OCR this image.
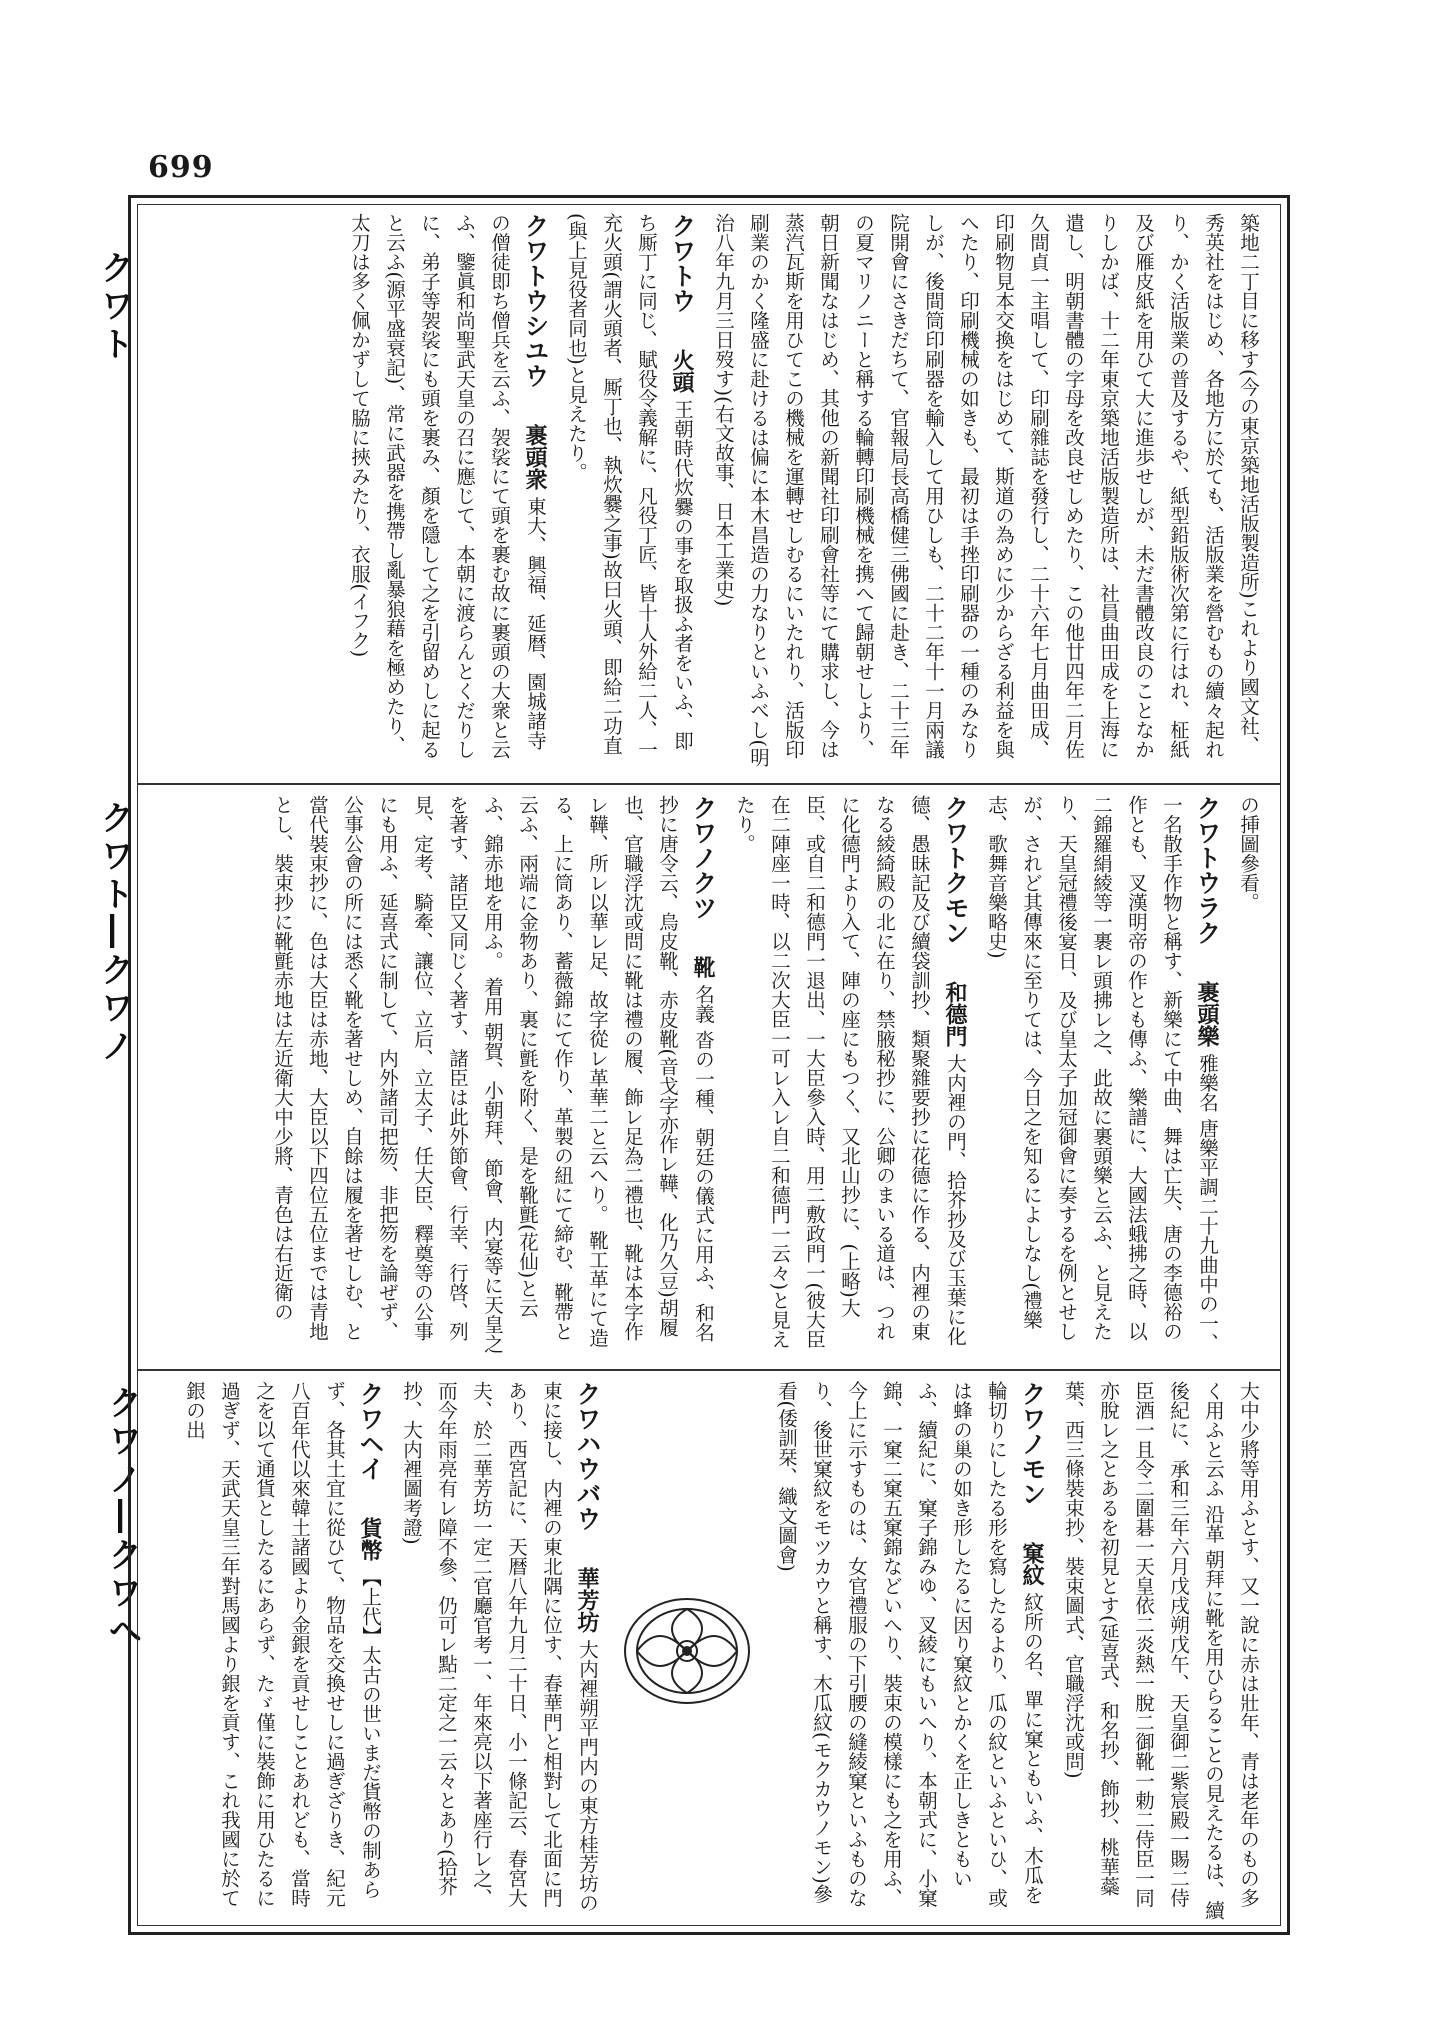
699
クワト
クワト―クワノ
クワノ―クワへ
築地二丁目に移す(今の東京築地活版製造所)これより國文社、秀英社をはじめ、各地方に於ても、活版業を營むもの續々起れり、かく活版業の普及するや、紙型鉛版術次第に行はれ、柾紙及び雁皮紙を用ひて大に進歩せしが、未だ書體改良のことなかりしかば、十二年東京築地活版製造所は、社員曲田成を上海に遣し、明朝書體の字母を改良せしめたり、この他廿四年二月佐久間貞一主唱して、印刷雜誌を發行し、二十六年七月曲田成、印刷物見本交換をはじめて、斯道の為めに少からざる利益を與へたり、印刷機械の如きも、最初は手挫印刷器の一種のみなりしが、後間筒印刷器を輸入して用ひしも、二十二年十一月兩議院開會にさきだちて、官報局長高橋健三佛國に赴き、二十三年の夏マリノニーと稱する輪轉印刷機械を携へて歸朝せしより、朝日新聞なはじめ、其他の新聞社印刷會社等にて購求し、今は蒸汽瓦斯を用ひてこの機械を運轉せしむるにいたれり、活版印刷業のかく隆盛に赴けるは偏に本木昌造の力なりといふべし(明治八年九月三日歿す)(右文故事、日本工業史)
クワトウ 火頭 王朝時代炊爨の事を取扱ふ者をいふ、即ち厮丁に同じ、賦役令義解に、凡役丁匠、皆十人外給二人、一充火頭(謂火頭者、厮丁也、執炊爨之事)故曰火頭、即給二功直(與上見役者同也)と見えたり。
クワトウシユウ 裹頭衆 東大、興福、延暦、園城諸寺の僧徒即ち僧兵を云ふ、袈裟にて頭を裹む故に裹頭の大衆と云ふ、鑒眞和尚聖武天皇の召に應じて、本朝に渡らんとくだりしに、弟子等袈裟にも頭を裹み、顏を隱して之を引留めしに起ると云ふ(源平盛衰記)、常に武器を携帶し亂暴狼藉を極めたり、太刀は多く佩かずして脇に挾みたり、衣服(イフク)
の挿圖參看。
クワトウラク 裹頭樂 雅樂名 唐樂平調二十九曲中の一、一名散手作物と稱す、新樂にて中曲、舞は亡失、唐の李德裕の作とも、叉漢明帝の作とも傳ふ、樂譜に、大國法蛾拂之時、以二錦羅絹綾等一裹レ頭拂レ之、此故に裹頭樂と云ふ、と見えたり、天皇冠禮後宴日、及び皇太子加冠御會に奏するを例とせしが、されど其傳來に至りては、今日之を知るによしなし(禮樂志、歌舞音樂略史)
クワトクモン 和德門 大内裡の門、拾芥抄及び玉葉に化德、愚昧記及び續袋訓抄、類聚雜要抄に花德に作る、内裡の東なる綾綺殿の北に在り、禁腋秘抄に、公卿のまいる道は、つれに化德門より入て、陣の座にもつく、又北山抄に、(上略)大臣、或自二和德門一退出、一大臣參入時、用二敷政門一(彼大臣在二陣座一時、以二次大臣一可レ入レ自二和德門一云々)と見えたり。
クワノクツ 靴 名義 沓の一種、朝廷の儀式に用ふ、和名抄に唐令云、烏皮靴、赤皮靴(音戈字亦作レ鞾、化乃久豆)胡履也、官職浮沈或問に靴は禮の履、飾レ足為二禮也、靴は本字作レ鞾、所レ以華レ足、故字從レ革華二と云へり。 靴工革にて造る、上に筒あり、蓄薇錦にて作り、革製の紐にて締む、靴帶と云ふ、兩端に金物あり、裏に氈を附く、是を靴氈(花仙)と云ふ、錦赤地を用ふ。 着用 朝賀、小朝拜、節會、内宴等に天皇之を著す、諸臣又同じく著す、諸臣は此外節會、行幸、行啓、列見、定考、騎牽、讓位、立后、立太子、任大臣、釋奠等の公事にも用ふ、延喜式に制して、内外諸司把笏、非把笏を論ぜず、公事公會の所には悉く靴を著せしめ、自餘は履を著せしむ、と當代裝束抄に、色は大臣は赤地、大臣以下四位五位までは青地とし、裝束抄に靴氈赤地は左近衛大中少將、青色は右近衛の
大中少將等用ふとす、又一說に赤は壯年、青は老年のもの多く用ふと云ふ 沿革 朝拜に靴を用ひらることの見えたるは、續後紀に、承和三年六月戊戌朔戊午、天皇御二紫宸殿一賜二侍臣酒一且令二圍碁一天皇依二炎熱一脫二御靴一勅二侍臣一同亦脫レ之とあるを初見とす(延喜式、和名抄、飾抄、桃華蘂葉、西三條裝束抄、裝束圖式、官職浮沈或問)
クワノモン 窠紋 紋所の名、單に窠ともいふ、木瓜を輪切りにしたる形を寫したるより、瓜の紋といふといひ、或は蜂の巢の如き形したるに因り窠紋とかくを正しきともいふ、續紀に、窠子錦みゆ、叉綾にもいへり、本朝式に、小窠錦、一窠二窠五窠錦などいへり、裝束の模樣にも之を用ふ、今上に示すものは、女官禮服の下引腰の縫綾窠といふものなり、後世窠紋をモツカウと稱す、木瓜紋(モクカウノモン)參看(倭訓栞、織文圖會)
クワハウバウ 華芳坊 大内裡朔平門内の東方桂芳坊の東に接し、内裡の東北隅に位す、春華門と相對して北面に門あり、西宮記に、天暦八年九月二十日、小一條記云、春宮大夫、於二華芳坊一定二官廳官考一、年來亮以下著座行レ之、而今年雨亮有レ障不參、仍可レ點二定之一云々とあり(拾芥抄、大内裡圖考證)
クワヘイ 貨幣 【上代】太古の世いまだ貨幣の制あらず、各其土宜に從ひて、物品を交換せしに過ぎざりき、紀元八百年代以來韓土諸國より金銀を貢せしことあれども、當時之を以て通貨としたるにあらず、たゞ僅に裝飾に用ひたるに過ぎず、天武天皇三年對馬國より銀を貢す、これ我國に於て銀の出
